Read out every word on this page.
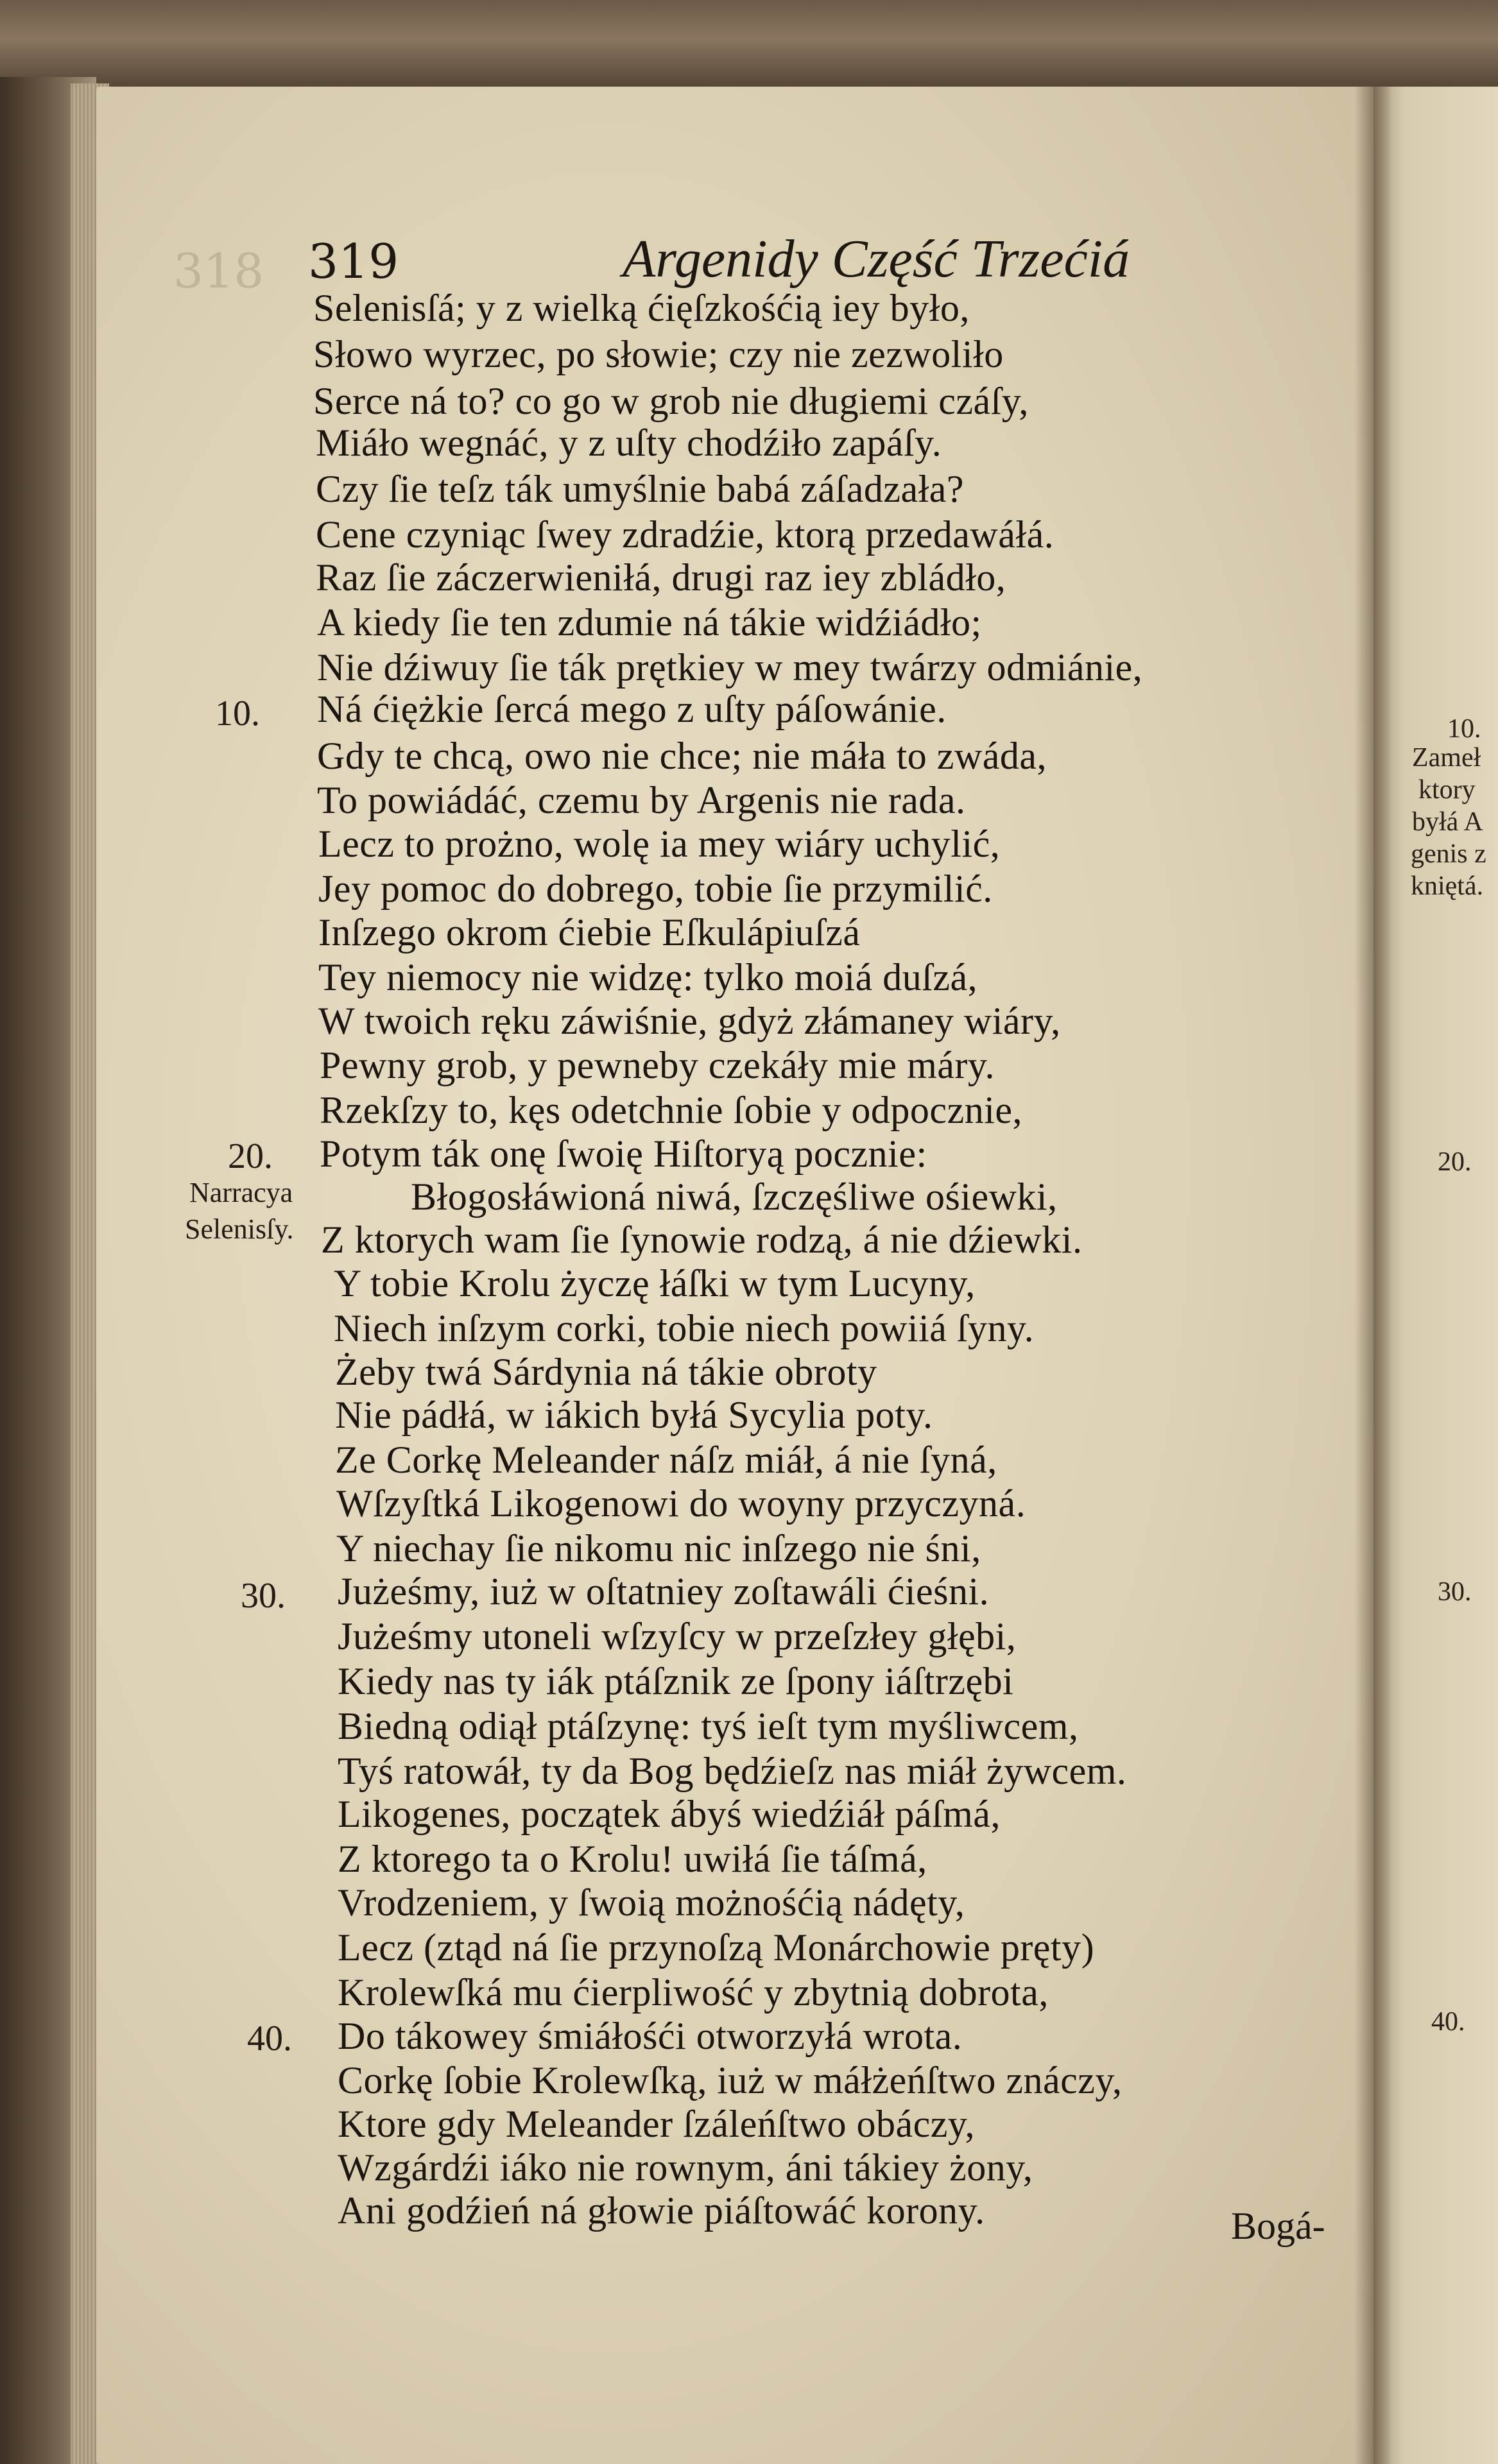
318 319	Argenidy Część Trzećiá
Selenisſá; y z wielką ćięſzkośćią iey było,
Słowo wyrzec, po słowie; czy nie zezwoliło
Serce ná to? co go w grob nie długiemi czáſy,
Miáło wegnáć, y z uſty chodźiło zapáſy.
Czy ſie teſz ták umyślnie babá záſadzała?
Cene czyniąc ſwey zdradźie, ktorą przedawáłá.
Raz ſie záczerwieniłá, drugi raz iey zbládło,
A kiedy ſie ten zdumie ná tákie widźiádło;
Nie dźiwuy ſie ták prętkiey w mey twárzy odmiánie,
Ná ćiężkie ſercá mego z uſty páſowánie.
Gdy te chcą, owo nie chce; nie máła to zwáda,
To powiádáć, czemu by Argenis nie rada.
Lecz to prożno, wolę ia mey wiáry uchylić,
Jey pomoc do dobrego, tobie ſie przymilić.
Inſzego okrom ćiebie Eſkulápiuſzá
Tey niemocy nie widzę: tylko moiá duſzá,
W twoich ręku záwiśnie, gdyż złámaney wiáry,
Pewny grob, y pewneby czekáły mie máry.
Rzekſzy to, kęs odetchnie ſobie y odpocznie,
Potym ták onę ſwoię Hiſtoryą pocznie:
Błogosłáwioná niwá, ſzczęśliwe ośiewki,
Z ktorych wam ſie ſynowie rodzą, á nie dźiewki.
Y tobie Krolu życzę łáſki w tym Lucyny,
Niech inſzym corki, tobie niech powiiá ſyny.
Żeby twá Sárdynia ná tákie obroty
Nie pádłá, w iákich byłá Sycylia poty.
Ze Corkę Meleander náſz miáł, á nie ſyná,
Wſzyſtká Likogenowi do woyny przyczyná.
Y niechay ſie nikomu nic inſzego nie śni,
Jużeśmy, iuż w oſtatniey zoſtawáli ćieśni.
Jużeśmy utoneli wſzyſcy w przeſzłey głębi,
Kiedy nas ty iák ptáſznik ze ſpony iáſtrzębi
Biedną odiął ptáſzynę: tyś ieſt tym myśliwcem,
Tyś ratowáł, ty da Bog będźieſz nas miáł żywcem.
Likogenes, początek ábyś wiedźiáł páſmá,
Z ktorego ta o Krolu! uwiłá ſie táſmá,
Vrodzeniem, y ſwoią możnośćią nádęty,
Lecz (ztąd ná ſie przynoſzą Monárchowie pręty)
Krolewſká mu ćierpliwość y zbytnią dobrota,
Do tákowey śmiáłośći otworzyłá wrota.
Corkę ſobie Krolewſką, iuż w máłżeńſtwo znáczy,
Ktore gdy Meleander ſzáleńſtwo obáczy,
Wzgárdźi iáko nie rownym, áni tákiey żony,
Ani godźień ná głowie piáſtowáć korony.
10.
20.
30.
40.
Narracya
Selenisſy.
10.
Zameł
ktory
byłá A
genis z
kniętá.
20.
30.
40.
Bogá-
